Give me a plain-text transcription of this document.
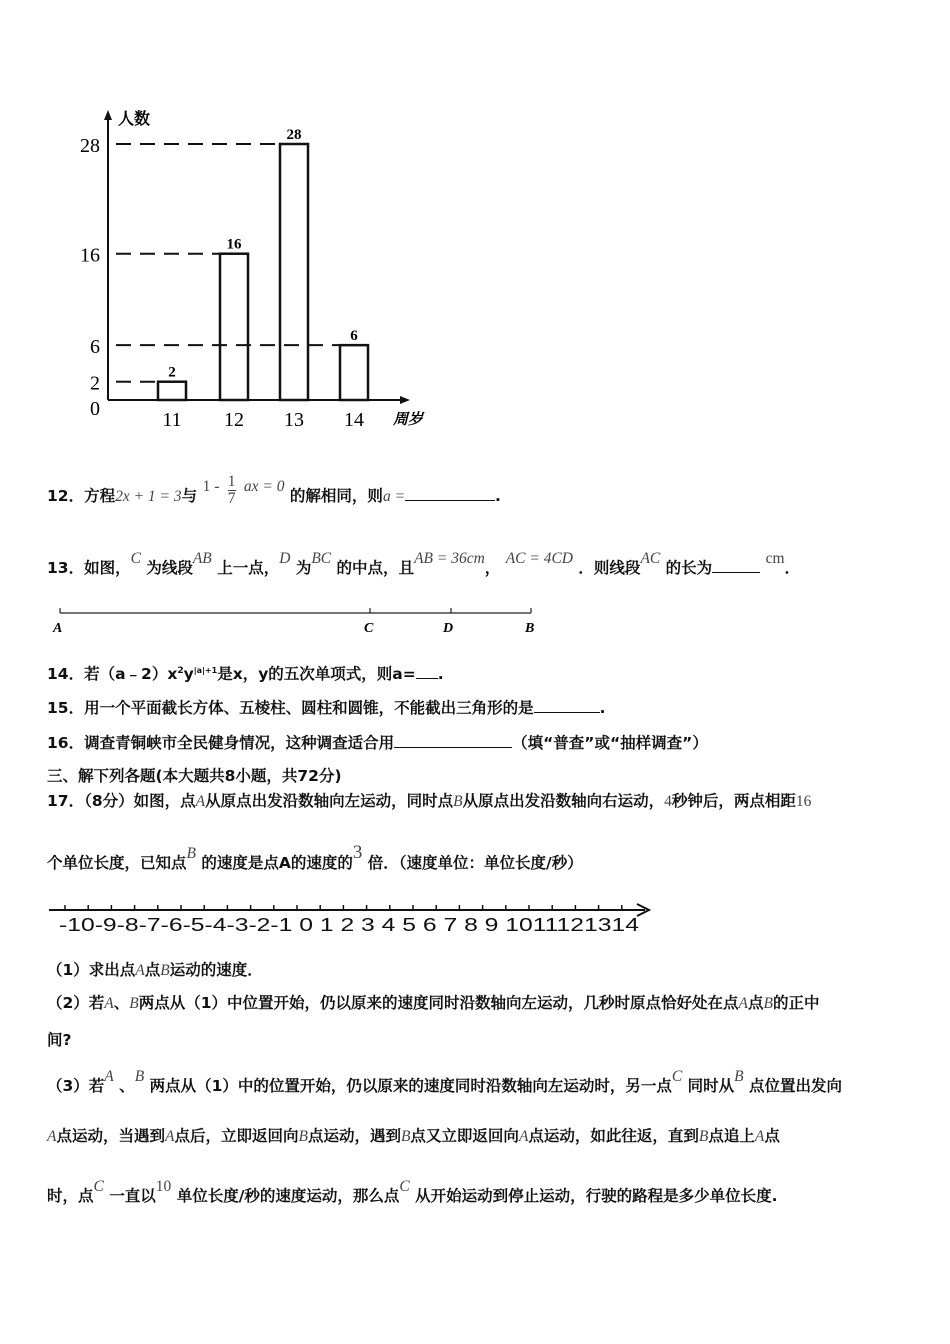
人数
周岁
0
2
6
16
28
2
11
16
12
28
13
6
14
12．方程2x + 1 = 3与 $1 - \frac{1}{7}$ ax = 0 的解相同，则a =	.
13．如图，C 为线段AB 上一点，D 为BC 的中点，且AB = 36cm， AC = 4CD ．则线段AC 的长为 cm．
A	C	D	B
14．若$(a﹣2)x^2y^{|a|+1}$是x，y的五次单项式，则a= .
15．用一个平面截长方体、五棱柱、圆柱和圆锥，不能截出三角形的是	.
16．调查青铜峡市全民健身情况，这种调查适合用	（填“普查”或“抽样调查”）
三、解下列各题(本大题共8小题，共72分)
17．（8分）如图，点A从原点出发沿数轴向左运动，同时点B从原点出发沿数轴向右运动，4秒钟后，两点相距16
个单位长度，已知点B 的速度是点A的速度的3 倍．（速度单位：单位长度/秒）
-10-9-8-7-6-5-4-3-2-1 0 1 2 3 4 5 6 7 8 9 1011121314
（1）求出点A点B运动的速度．
（2）若A、B两点从（1）中位置开始，仍以原来的速度同时沿数轴向左运动，几秒时原点恰好处在点A点B的正中
间?
（3）若A 、B 两点从（1）中的位置开始，仍以原来的速度同时沿数轴向左运动时，另一点C 同时从B 点位置出发向
A点运动，当遇到A点后，立即返回向B点运动，遇到B点又立即返回向A点运动，如此往返，直到B点追上A点
时，点C 一直以10 单位长度/秒的速度运动，那么点C 从开始运动到停止运动，行驶的路程是多少单位长度.
